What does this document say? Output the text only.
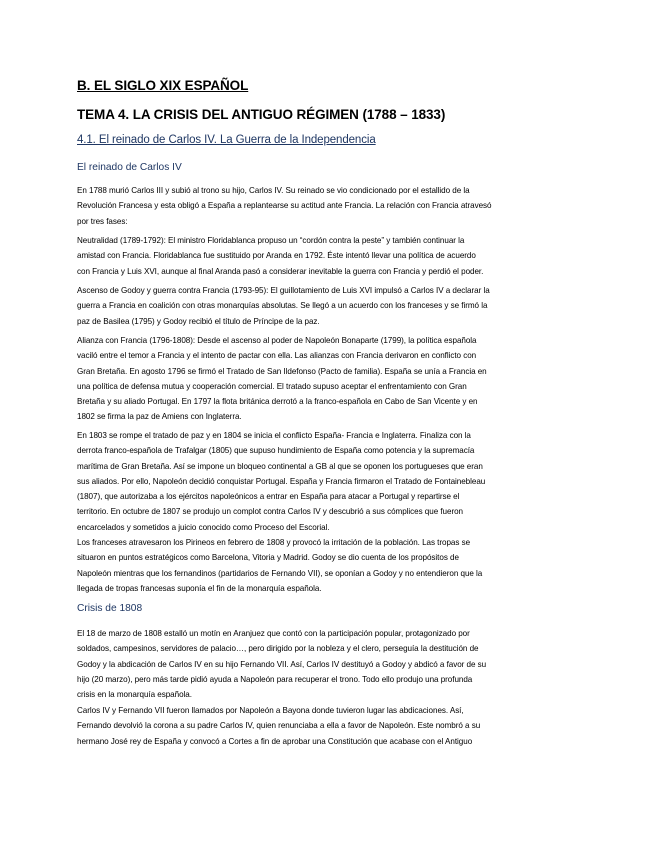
B. EL SIGLO XIX ESPAÑOL
TEMA 4. LA CRISIS DEL ANTIGUO RÉGIMEN (1788 – 1833)
4.1. El reinado de Carlos IV. La Guerra de la Independencia
El reinado de Carlos IV
En 1788 murió Carlos III y subió al trono su hijo, Carlos IV. Su reinado se vio condicionado por el estallido de la
Revolución Francesa y esta obligó a España a replantearse su actitud ante Francia. La relación con Francia atravesó
por tres fases:
Neutralidad (1789-1792): El ministro Floridablanca propuso un “cordón contra la peste” y también continuar la
amistad con Francia. Floridablanca fue sustituido por Aranda en 1792. Éste intentó llevar una política de acuerdo
con Francia y Luis XVI, aunque al final Aranda pasó a considerar inevitable la guerra con Francia y perdió el poder.
Ascenso de Godoy y guerra contra Francia (1793-95): El guillotamiento de Luis XVI impulsó a Carlos IV a declarar la
guerra a Francia en coalición con otras monarquías absolutas. Se llegó a un acuerdo con los franceses y se firmó la
paz de Basilea (1795) y Godoy recibió el título de Príncipe de la paz.
Alianza con Francia (1796-1808): Desde el ascenso al poder de Napoleón Bonaparte (1799), la política española
vaciló entre el temor a Francia y el intento de pactar con ella. Las alianzas con Francia derivaron en conflicto con
Gran Bretaña. En agosto 1796 se firmó el Tratado de San Ildefonso (Pacto de familia). España se unía a Francia en
una política de defensa mutua y cooperación comercial. El tratado supuso aceptar el enfrentamiento con Gran
Bretaña y su aliado Portugal. En 1797 la flota británica derrotó a la franco-española en Cabo de San Vicente y en
1802 se firma la paz de Amiens con Inglaterra.
En 1803 se rompe el tratado de paz y en 1804 se inicia el conflicto España- Francia e Inglaterra. Finaliza con la
derrota franco-española de Trafalgar (1805) que supuso hundimiento de España como potencia y la supremacía
marítima de Gran Bretaña. Así se impone un bloqueo continental a GB al que se oponen los portugueses que eran
sus aliados. Por ello, Napoleón decidió conquistar Portugal. España y Francia firmaron el Tratado de Fontainebleau
(1807), que autorizaba a los ejércitos napoleónicos a entrar en España para atacar a Portugal y repartirse el
territorio. En octubre de 1807 se produjo un complot contra Carlos IV y descubrió a sus cómplices que fueron
encarcelados y sometidos a juicio conocido como Proceso del Escorial.
Los franceses atravesaron los Pirineos en febrero de 1808 y provocó la irritación de la población. Las tropas se
situaron en puntos estratégicos como Barcelona, Vitoria y Madrid. Godoy se dio cuenta de los propósitos de
Napoleón mientras que los fernandinos (partidarios de Fernando VII), se oponían a Godoy y no entendieron que la
llegada de tropas francesas suponía el fin de la monarquía española.
Crisis de 1808
El 18 de marzo de 1808 estalló un motín en Aranjuez que contó con la participación popular, protagonizado por
soldados, campesinos, servidores de palacio…, pero dirigido por la nobleza y el clero, perseguía la destitución de
Godoy y la abdicación de Carlos IV en su hijo Fernando VII. Así, Carlos IV destituyó a Godoy y abdicó a favor de su
hijo (20 marzo), pero más tarde pidió ayuda a Napoleón para recuperar el trono. Todo ello produjo una profunda
crisis en la monarquía española.
Carlos IV y Fernando VII fueron llamados por Napoleón a Bayona donde tuvieron lugar las abdicaciones. Así,
Fernando devolvió la corona a su padre Carlos IV, quien renunciaba a ella a favor de Napoleón. Este nombró a su
hermano José rey de España y convocó a Cortes a fin de aprobar una Constitución que acabase con el Antiguo
